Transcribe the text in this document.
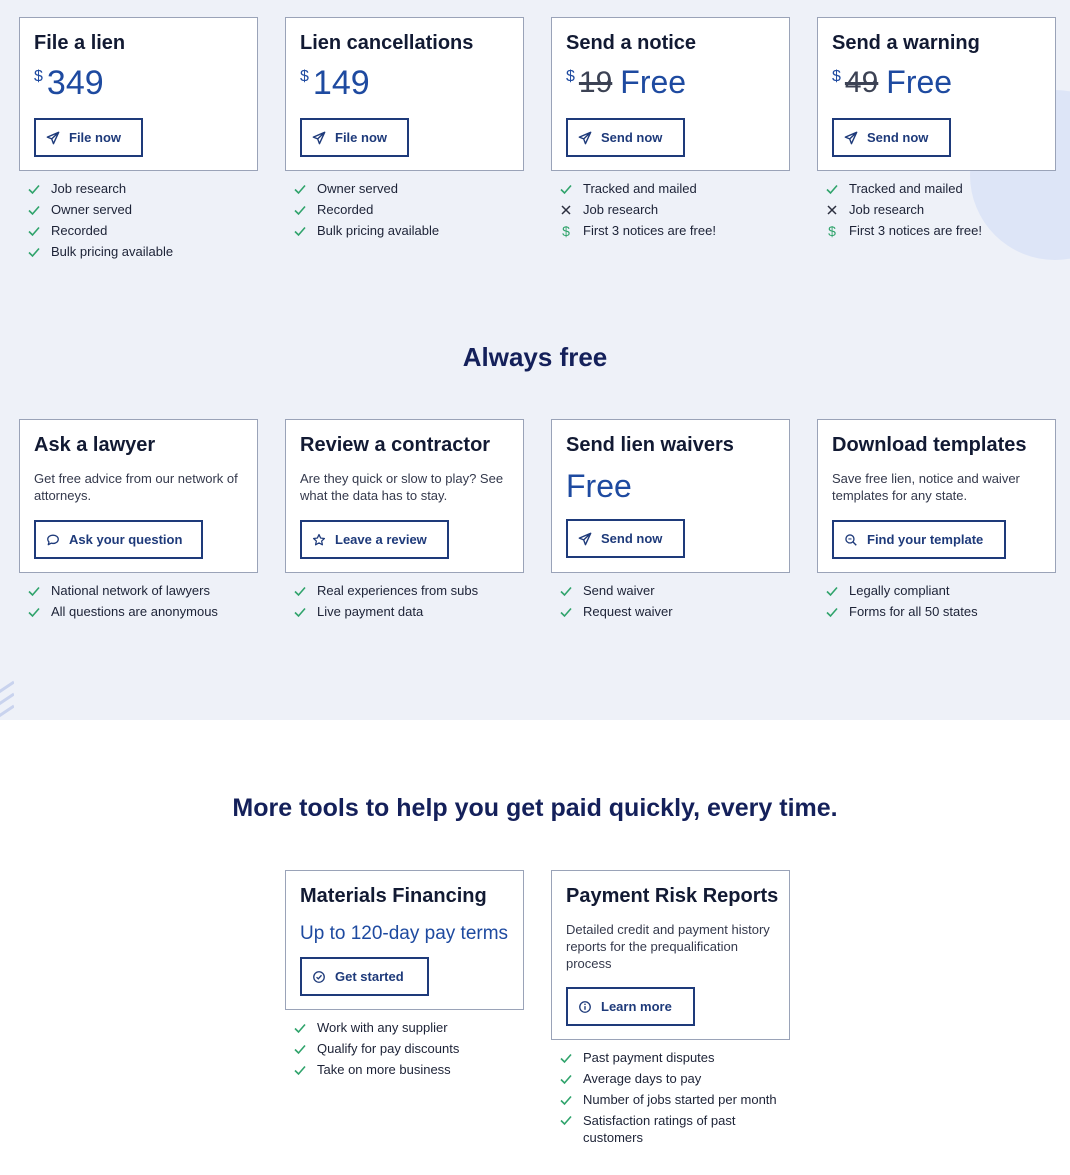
File a lien
$ 349
File now
Job research
Owner served
Recorded
Bulk pricing available
Lien cancellations
$ 149
File now
Owner served
Recorded
Bulk pricing available
Send a notice
$ 19 Free
Send now
Tracked and mailed
Job research
$ First 3 notices are free!
Send a warning
$ 49 Free
Send now
Tracked and mailed
Job research
$ First 3 notices are free!
Always free
Ask a lawyer
Get free advice from our network of attorneys.
Ask your question
National network of lawyers
All questions are anonymous
Review a contractor
Are they quick or slow to play? See what the data has to stay.
Leave a review
Real experiences from subs
Live payment data
Send lien waivers
Free
Send now
Send waiver
Request waiver
Download templates
Save free lien, notice and waiver templates for any state.
Find your template
Legally compliant
Forms for all 50 states
More tools to help you get paid quickly, every time.
Materials Financing
Up to 120-day pay terms
Get started
Work with any supplier
Qualify for pay discounts
Take on more business
Payment Risk Reports
Detailed credit and payment history reports for the prequalification process
Learn more
Past payment disputes
Average days to pay
Number of jobs started per month
Satisfaction ratings of past customers
